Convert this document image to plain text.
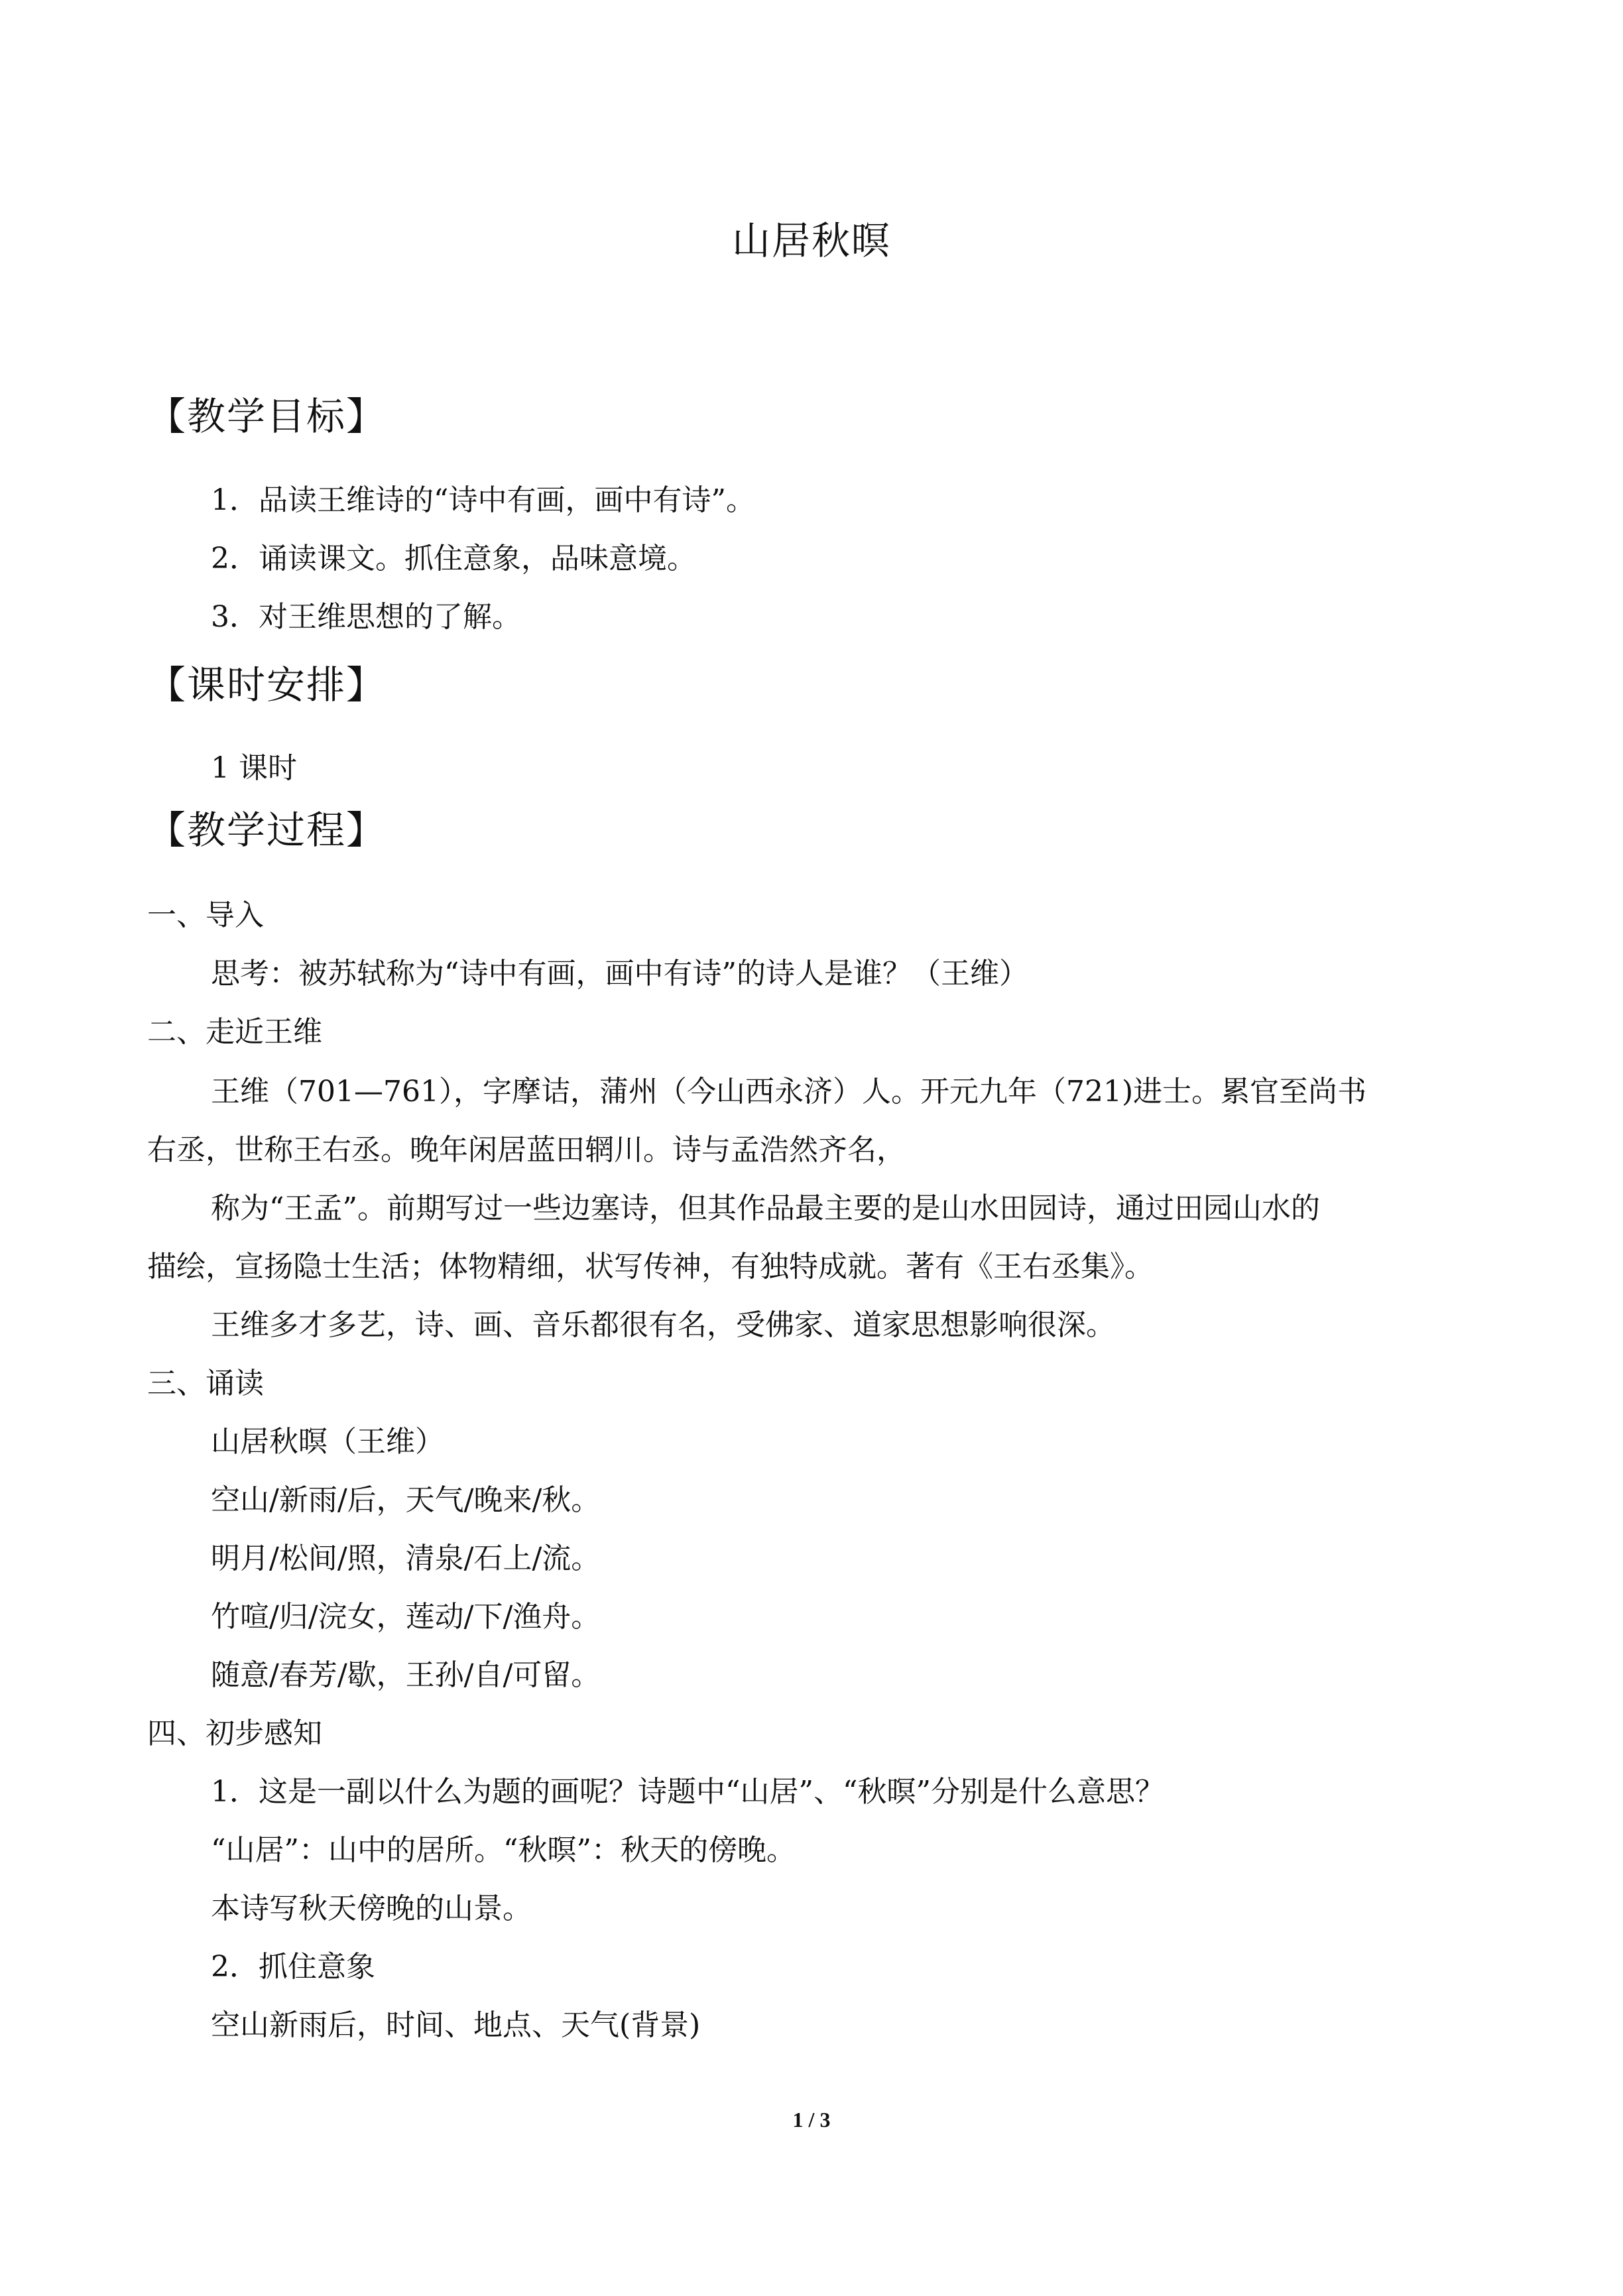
山居秋暝
【教学目标】
1．品读王维诗的“诗中有画，画中有诗”。
2．诵读课文。抓住意象，品味意境。
3．对王维思想的了解。
【课时安排】
1 课时
【教学过程】
一、导入
思考：被苏轼称为“诗中有画，画中有诗”的诗人是谁？（王维）
二、走近王维
王维（701—761），字摩诘，蒲州（今山西永济）人。开元九年（721)进士。累官至尚书
右丞，世称王右丞。晚年闲居蓝田辋川。诗与孟浩然齐名，
称为“王孟”。前期写过一些边塞诗，但其作品最主要的是山水田园诗，通过田园山水的
描绘，宣扬隐士生活；体物精细，状写传神，有独特成就。著有《王右丞集》。
王维多才多艺，诗、画、音乐都很有名，受佛家、道家思想影响很深。
三、诵读
山居秋暝（王维）
空山/新雨/后，天气/晚来/秋。
明月/松间/照，清泉/石上/流。
竹喧/归/浣女，莲动/下/渔舟。
随意/春芳/歇，王孙/自/可留。
四、初步感知
1．这是一副以什么为题的画呢？诗题中“山居”、“秋暝”分别是什么意思？
“山居”：山中的居所。“秋暝”：秋天的傍晚。
本诗写秋天傍晚的山景。
2．抓住意象
空山新雨后，时间、地点、天气(背景)
1 / 3
